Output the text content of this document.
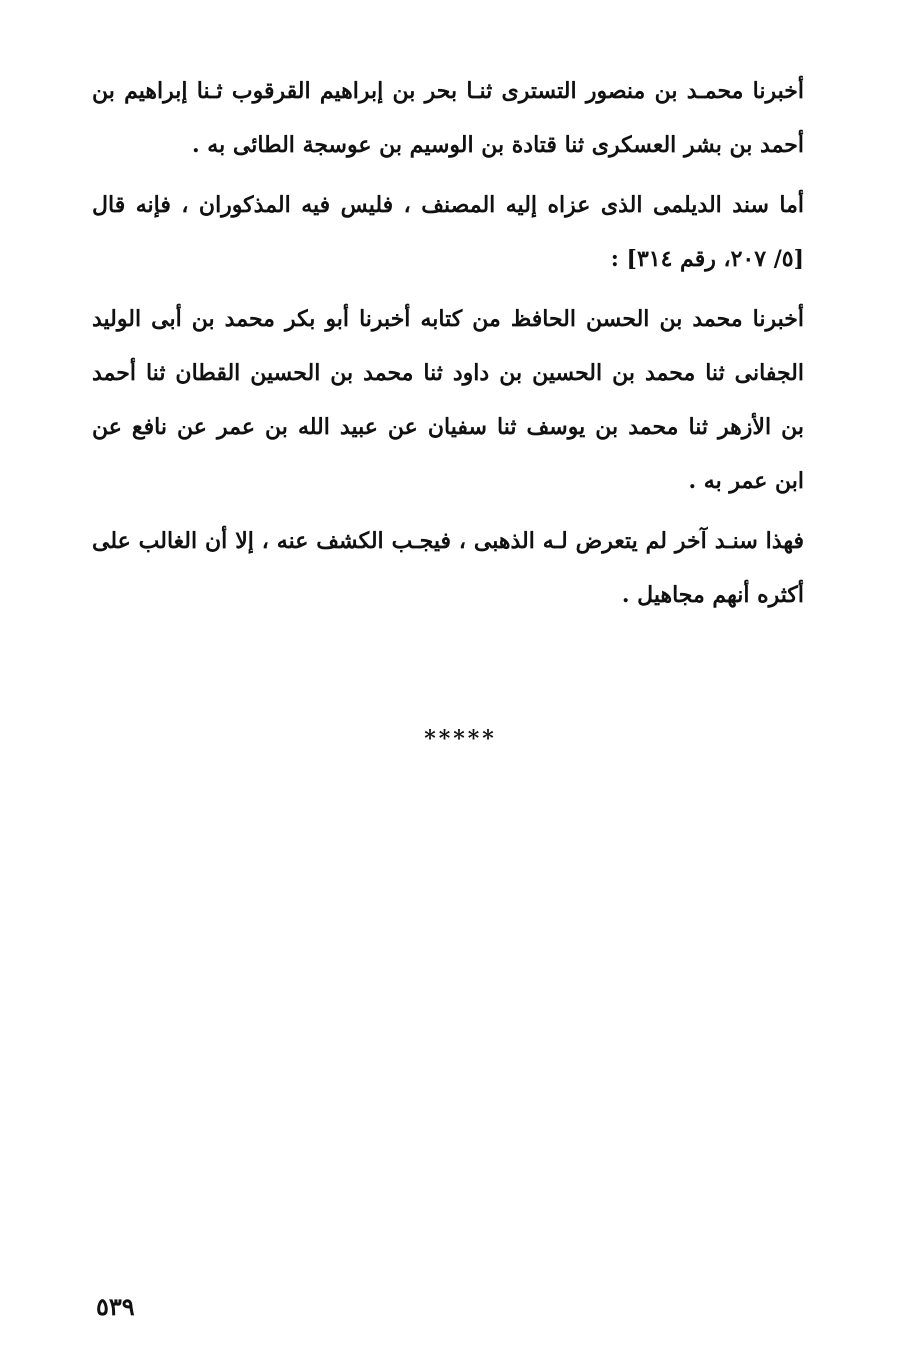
أخبرنا محمـد بن منصور التسترى ثنـا بحر بن إبراهيم القرقوب ثـنا إبراهيم بن أحمد بن بشر العسكرى ثنا قتادة بن الوسيم بن عوسجة الطائى به .

أما سند الديلمى الذى عزاه إليه المصنف ، فليس فيه المذكوران ، فإنه قال [٥/ ٢٠٧، رقم ٣١٤] :

أخبرنا محمد بن الحسن الحافظ من كتابه أخبرنا أبو بكر محمد بن أبى الوليد الجفانى ثنا محمد بن الحسين بن داود ثنا محمد بن الحسين القطان ثنا أحمد بن الأزهر ثنا محمد بن يوسف ثنا سفيان عن عبيد الله بن عمر عن نافع عن ابن عمر به .

فهذا سنـد آخر لم يتعرض لـه الذهبى ، فيجـب الكشف عنه ، إلا أن الغالب على أكثره أنهم مجاهيل .

*****
٥٣٩
